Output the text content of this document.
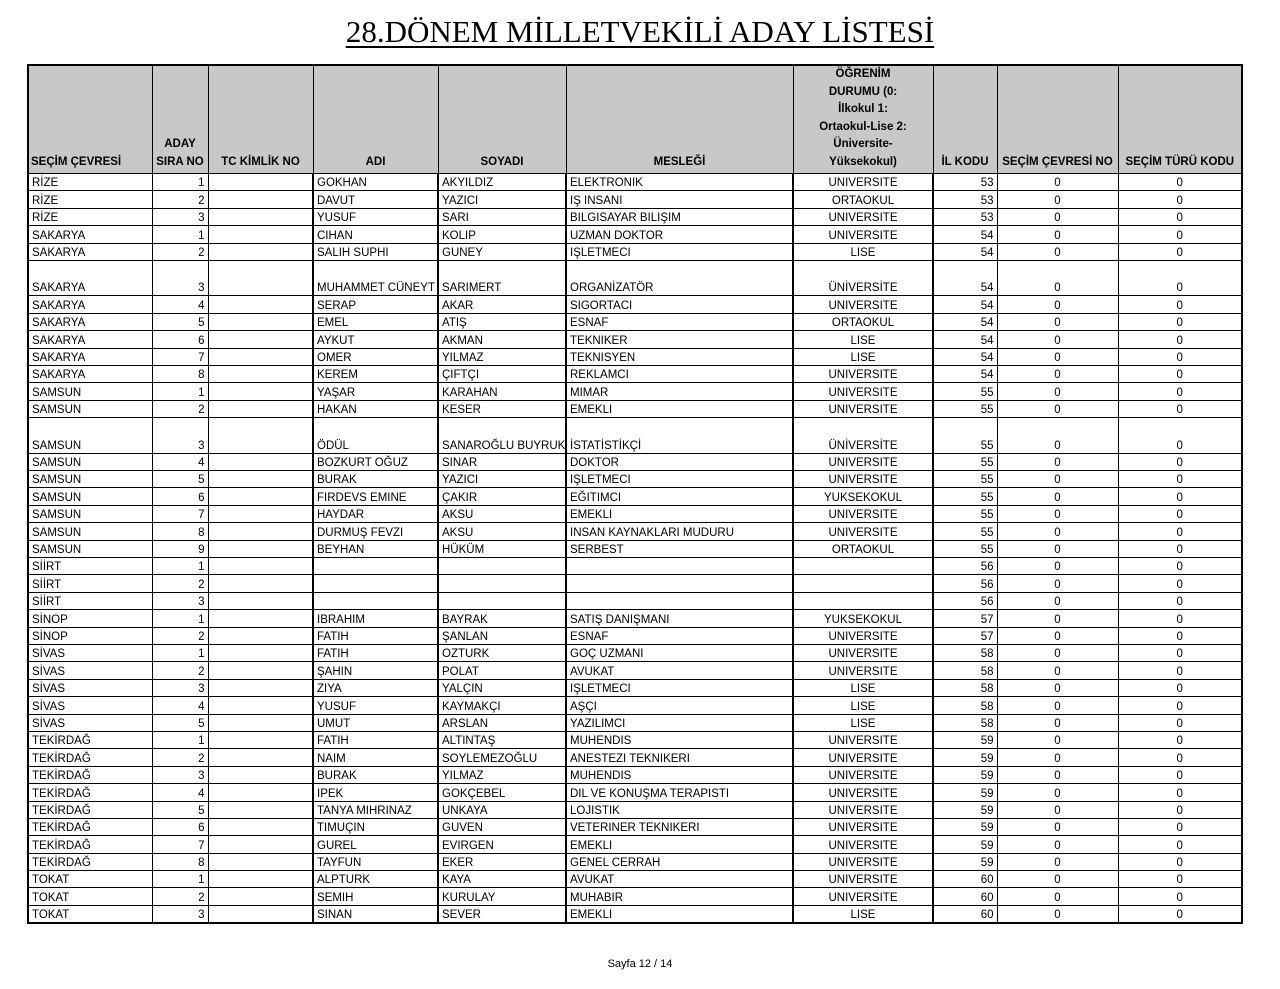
28.DÖNEM MİLLETVEKİLİ ADAY LİSTESİ
SEÇİM ÇEVRESİ	ADAY SIRA NO	TC KİMLİK NO	ADI	SOYADI	MESLEĞİ	ÖĞRENİM DURUMU (0: İlkokul 1: Ortaokul-Lise 2: Üniversite-Yüksekokul)	İL KODU	SEÇİM ÇEVRESİ NO	SEÇİM TÜRÜ KODU
RİZE	1		GOKHAN	AKYILDIZ	ELEKTRONIK	UNIVERSITE	53	0	0
RİZE	2		DAVUT	YAZICI	IŞ INSANI	ORTAOKUL	53	0	0
RİZE	3		YUSUF	SARI	BILGISAYAR BILIŞIM	UNIVERSITE	53	0	0
SAKARYA	1		CIHAN	KOLIP	UZMAN DOKTOR	UNIVERSITE	54	0	0
SAKARYA	2		SALIH SUPHI	GUNEY	IŞLETMECI	LISE	54	0	0
SAKARYA	3		MUHAMMET CÜNEYT	SARIMERT	ORGANİZATÖR	ÜNİVERSİTE	54	0	0
SAKARYA	4		SERAP	AKAR	SIGORTACI	UNIVERSITE	54	0	0
SAKARYA	5		EMEL	ATIŞ	ESNAF	ORTAOKUL	54	0	0
SAKARYA	6		AYKUT	AKMAN	TEKNIKER	LISE	54	0	0
SAKARYA	7		OMER	YILMAZ	TEKNISYEN	LISE	54	0	0
SAKARYA	8		KEREM	ÇIFTÇI	REKLAMCI	UNIVERSITE	54	0	0
SAMSUN	1		YAŞAR	KARAHAN	MIMAR	UNIVERSITE	55	0	0
SAMSUN	2		HAKAN	KESER	EMEKLI	UNIVERSITE	55	0	0
SAMSUN	3		ÖDÜL	SANAROĞLU BUYRUK	İSTATİSTİKÇİ	ÜNİVERSİTE	55	0	0
SAMSUN	4		BOZKURT OĞUZ	SINAR	DOKTOR	UNIVERSITE	55	0	0
SAMSUN	5		BURAK	YAZICI	IŞLETMECI	UNIVERSITE	55	0	0
SAMSUN	6		FIRDEVS EMINE	ÇAKIR	EĞITIMCI	YUKSEKOKUL	55	0	0
SAMSUN	7		HAYDAR	AKSU	EMEKLI	UNIVERSITE	55	0	0
SAMSUN	8		DURMUŞ FEVZI	AKSU	INSAN KAYNAKLARI MUDURU	UNIVERSITE	55	0	0
SAMSUN	9		BEYHAN	HÜKÜM	SERBEST	ORTAOKUL	55	0	0
SİİRT	1						56	0	0
SİİRT	2						56	0	0
SİİRT	3						56	0	0
SİNOP	1		IBRAHIM	BAYRAK	SATIŞ DANIŞMANI	YUKSEKOKUL	57	0	0
SİNOP	2		FATIH	ŞANLAN	ESNAF	UNIVERSITE	57	0	0
SİVAS	1		FATIH	OZTURK	GOÇ UZMANI	UNIVERSITE	58	0	0
SİVAS	2		ŞAHIN	POLAT	AVUKAT	UNIVERSITE	58	0	0
SİVAS	3		ZIYA	YALÇIN	IŞLETMECI	LISE	58	0	0
SİVAS	4		YUSUF	KAYMAKÇI	AŞÇI	LISE	58	0	0
SİVAS	5		UMUT	ARSLAN	YAZILIMCI	LISE	58	0	0
TEKİRDAĞ	1		FATIH	ALTINTAŞ	MUHENDIS	UNIVERSITE	59	0	0
TEKİRDAĞ	2		NAIM	SOYLEMEZOĞLU	ANESTEZI TEKNIKERI	UNIVERSITE	59	0	0
TEKİRDAĞ	3		BURAK	YILMAZ	MUHENDIS	UNIVERSITE	59	0	0
TEKİRDAĞ	4		IPEK	GOKÇEBEL	DIL VE KONUŞMA TERAPISTI	UNIVERSITE	59	0	0
TEKİRDAĞ	5		TANYA MIHRINAZ	UNKAYA	LOJISTIK	UNIVERSITE	59	0	0
TEKİRDAĞ	6		TIMUÇIN	GUVEN	VETERINER TEKNIKERI	UNIVERSITE	59	0	0
TEKİRDAĞ	7		GUREL	EVIRGEN	EMEKLI	UNIVERSITE	59	0	0
TEKİRDAĞ	8		TAYFUN	EKER	GENEL CERRAH	UNIVERSITE	59	0	0
TOKAT	1		ALPTURK	KAYA	AVUKAT	UNIVERSITE	60	0	0
TOKAT	2		SEMIH	KURULAY	MUHABIR	UNIVERSITE	60	0	0
TOKAT	3		SINAN	SEVER	EMEKLI	LISE	60	0	0
Sayfa 12 / 14
